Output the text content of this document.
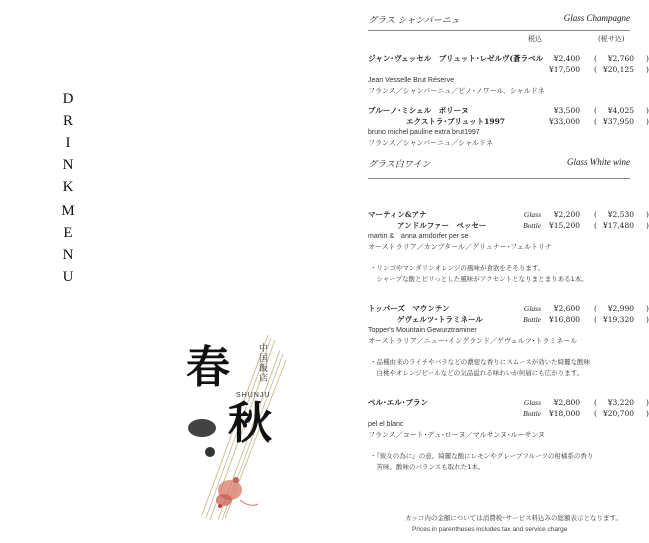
D
R
I
N
K
M
E
N
U
春
秋
中国飯店
SHUNJU
グラス シャンパーニュ	Glass Champagne
税込	(税サ込)
ジャン･ヴェッセル　ブリュット･レゼルヴ(蒼ラベル	¥2,400 (	¥2,760 )
¥17,500 ( ¥20,125 )
Jean Vesselle Brut Réserve
フランス／シャンパーニュ／ピノ･ノワール、シャルドネ
ブルーノ･ミシェル　ポリーヌ	¥3,500 (	¥4,025 )
エクストラ･ブリュット1997	¥33,000 ( ¥37,950 )
bruno michel pauline extra brut1997
フランス／シャンパーニュ／シャルドネ
グラス白ワイン	Glass White wine
マーティン&アナ	Glass	¥2,200 (	¥2,530 )
アンドルファー　ペッセー	Bottle	¥15,200 ( ¥17,480 )
martin &　anna arndorfer per se
オーストラリア／カンプタール／グリュナー･フェルトリナ
トッパーズ　マウンテン	Glass	¥2,600 (	¥2,990 )
ゲヴェルツ･トラミネール	Bottle	¥16,800 ( ¥19,320 )
Topper's Mountain Gewurztraminer
オーストラリア／ニュー･イングランド／ゲヴェルツ･トラミネール
ペル･エル･ブラン	Glass	¥2,800 (	¥3,220 )
Bottle	¥18,000 ( ¥20,700 )
pel el blanc
フランス／コート･デュ･ローヌ／マルサンヌ･ルーサンヌ
カッコ内の金額については消費税･サービス料込みの総額表示となります。
Prices in parentheses includes tax and service charge
・リンゴやマンダリンオレンジの風味が食欲をそそります。
　シャープな酸とピリっとした風味がアクセントとなりまとまりある1本。
・品種由来のライチやバラなどの濃密な香りにスムースが効いた綺麗な酸味
　白桃やオレンジピールなどの気品溢れる味わいが何層にも広がります。
・『彼女の為に』の意。綺麗な酸にレモンやグレープフルーツの柑橘系の香り
　苦味、酸味のバランスも取れた1本。
